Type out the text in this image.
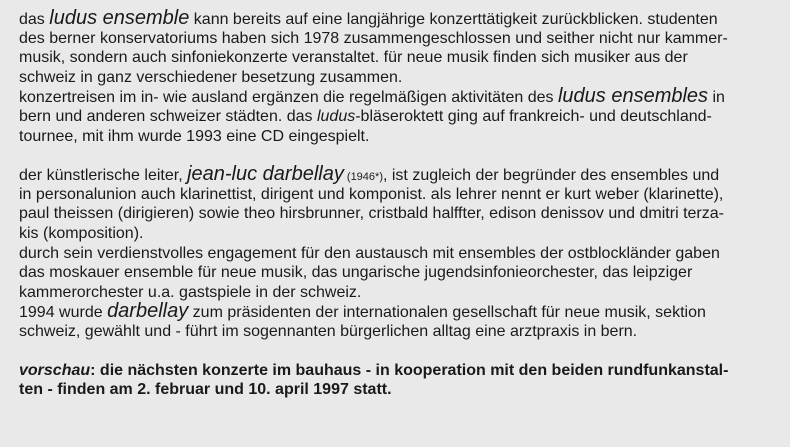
das ludus ensemble kann bereits auf eine langjährige konzerttätigkeit zurückblicken. studenten

des berner konservatoriums haben sich 1978 zusammengeschlossen und seither nicht nur kammer-

musik, sondern auch sinfoniekonzerte veranstaltet. für neue musik finden sich musiker aus der

schweiz in ganz verschiedener besetzung zusammen.

konzertreisen im in- wie ausland ergänzen die regelmäßigen aktivitäten des ludus ensembles in

bern und anderen schweizer städten. das ludus-bläseroktett ging auf frankreich- und deutschland-

tournee, mit ihm wurde 1993 eine CD eingespielt.

der künstlerische leiter, jean-luc darbellay (1946*), ist zugleich der begründer des ensembles und

in personalunion auch klarinettist, dirigent und komponist. als lehrer nennt er kurt weber (klarinette),

paul theissen (dirigieren) sowie theo hirsbrunner, cristbald halffter, edison denissov und dmitri terza-

kis (komposition).

durch sein verdienstvolles engagement für den austausch mit ensembles der ostblockländer gaben

das moskauer ensemble für neue musik, das ungarische jugendsinfonieorchester, das leipziger

kammerorchester u.a. gastspiele in der schweiz.

1994 wurde darbellay zum präsidenten der internationalen gesellschaft für neue musik, sektion

schweiz, gewählt und - führt im sogennanten bürgerlichen alltag eine arztpraxis in bern.

vorschau: die nächsten konzerte im bauhaus - in kooperation mit den beiden rundfunkanstal-

ten - finden am 2. februar und 10. april 1997 statt.
